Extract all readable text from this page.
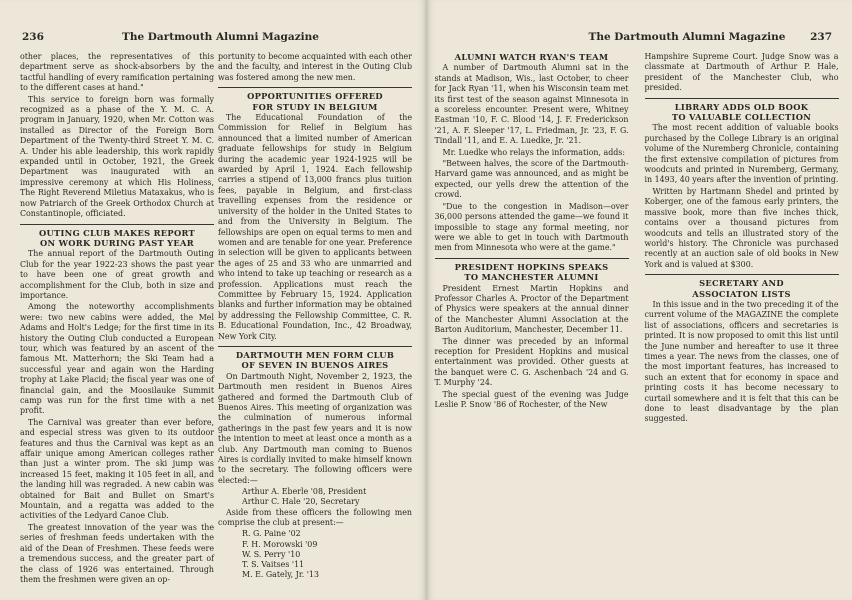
236	The Dartmouth Alumni Magazine

other places, the representatives of this department serve as shock-absorbers by the tactful handling of every ramification pertaining to the different cases at hand."

This service to foreign born was formally recognized as a phase of the Y. M. C. A. program in January, 1920, when Mr. Cotton was installed as Director of the Foreign Born Department of the Twenty-third Street Y. M. C. A. Under his able leadership, this work rapidly expanded until in October, 1921, the Greek Department was inaugurated with an impressive ceremony at which His Holiness, The Right Reverend Miletius Mataxakus, who is now Patriarch of the Greek Orthodox Church at Constantinople, officiated.

OUTING CLUB MAKES REPORT
ON WORK DURING PAST YEAR

The annual report of the Dartmouth Outing Club for the year 1922-23 shows the past year to have been one of great growth and accomplishment for the Club, both in size and importance.

Among the noteworthy accomplishments were: two new cabins were added, the Mel Adams and Holt's Ledge; for the first time in its history the Outing Club conducted a European tour, which was featured by an ascent of the famous Mt. Matterhorn; the Ski Team had a successful year and again won the Harding trophy at Lake Placid; the fiscal year was one of financial gain, and the Moosilauke Summit camp was run for the first time with a net profit.

The Carnival was greater than ever before, and especial stress was given to its outdoor features and thus the Carnival was kept as an affair unique among American colleges rather than just a winter prom. The ski jump was increased 15 feet, making it 105 feet in all, and the landing hill was regraded. A new cabin was obtained for Bait and Bullet on Smart's Mountain, and a regatta was added to the activities of the Ledyard Canoe Club.

The greatest innovation of the year was the series of freshman feeds undertaken with the aid of the Dean of Freshmen. These feeds were a tremendous success, and the greater part of the class of 1926 was entertained. Through them the freshmen were given an op-

portunity to become acquainted with each other and the faculty, and interest in the Outing Club was fostered among the new men.

OPPORTUNITIES OFFERED
FOR STUDY IN BELGIUM

The Educational Foundation of the Commission for Relief in Belgium has announced that a limited number of American graduate fellowships for study in Belgium during the academic year 1924-1925 will be awarded by April 1, 1924. Each fellowship carries a stipend of 13,000 francs plus tuition fees, payable in Belgium, and first-class travelling expenses from the residence or university of the holder in the United States to and from the University in Belgium. The fellowships are open on equal terms to men and women and are tenable for one year. Preference in selection will be given to applicants between the ages of 25 and 33 who are unmarried and who intend to take up teaching or research as a profession. Applications must reach the Committee by February 15, 1924. Application blanks and further information may be obtained by addressing the Fellowship Committee, C. R. B. Educational Foundation, Inc., 42 Broadway, New York City.

DARTMOUTH MEN FORM CLUB
OF SEVEN IN BUENOS AIRES

On Dartmouth Night, November 2, 1923, the Dartmouth men resident in Buenos Aires gathered and formed the Dartmouth Club of Buenos Aires. This meeting of organization was the culmination of numerous informal gatherings in the past few years and it is now the intention to meet at least once a month as a club. Any Dartmouth man coming to Buenos Aires is cordially invited to make himself known to the secretary. The following officers were elected:—

Arthur A. Eberle '08, President
Arthur C. Hale '20, Secretary

Aside from these officers the following men comprise the club at present:—

R. G. Paine '02
F. H. Morowski '09
W. S. Perry '10
T. S. Vaitses '11
M. E. Gately, Jr. '13
The Dartmouth Alumni Magazine 237
ALUMNI WATCH RYAN'S TEAM

A number of Dartmouth Alumni sat in the stands at Madison, Wis., last October, to cheer for Jack Ryan '11, when his Wisconsin team met its first test of the season against Minnesota in a scoreless encounter. Present were, Whitney Eastman '10, F. C. Blood '14, J. F. Frederickson '21, A. F. Sleeper '17, L. Friedman, Jr. '23, F. G. Tindall '11, and E. A. Luedke, Jr. '21.

Mr. Luedke who relays the information, adds:

"Between halves, the score of the Dartmouth-Harvard game was announced, and as might be expected, our yells drew the attention of the crowd.

"Due to the congestion in Madison—over 36,000 persons attended the game—we found it impossible to stage any formal meeting, nor were we able to get in touch with Dartmouth men from Minnesota who were at the game."

PRESIDENT HOPKINS SPEAKS
TO MANCHESTER ALUMNI

President Ernest Martin Hopkins and Professor Charles A. Proctor of the Department of Physics were speakers at the annual dinner of the Manchester Alumni Association at the Barton Auditorium, Manchester, December 11.

The dinner was preceded by an informal reception for President Hopkins and musical entertainment was provided. Other guests at the banquet were C. G. Aschenbach '24 and G. T. Murphy '24.

The special guest of the evening was Judge Leslie P. Snow '86 of Rochester, of the New

Hampshire Supreme Court. Judge Snow was a classmate at Dartmouth of Arthur P. Hale, president of the Manchester Club, who presided.

LIBRARY ADDS OLD BOOK
TO VALUABLE COLLECTION

The most recent addition of valuable books purchased by the College Library is an original volume of the Nuremberg Chronicle, containing the first extensive compilation of pictures from woodcuts and printed in Nuremberg, Germany, in 1493, 40 years after the invention of printing.

Written by Hartmann Shedel and printed by Koberger, one of the famous early printers, the massive book, more than five inches thick, contains over a thousand pictures from woodcuts and tells an illustrated story of the world's history. The Chronicle was purchased recently at an auction sale of old books in New York and is valued at $300.

SECRETARY AND
ASSOCIATON LISTS

In this issue and in the two preceding it of the current volume of the MAGAZINE the complete list of associations, officers and secretaries is printed. It is now proposed to omit this list until the June number and hereafter to use it three times a year. The news from the classes, one of the most important features, has increased to such an extent that for economy in space and printing costs it has become necessary to curtail somewhere and it is felt that this can be done to least disadvantage by the plan suggested.
